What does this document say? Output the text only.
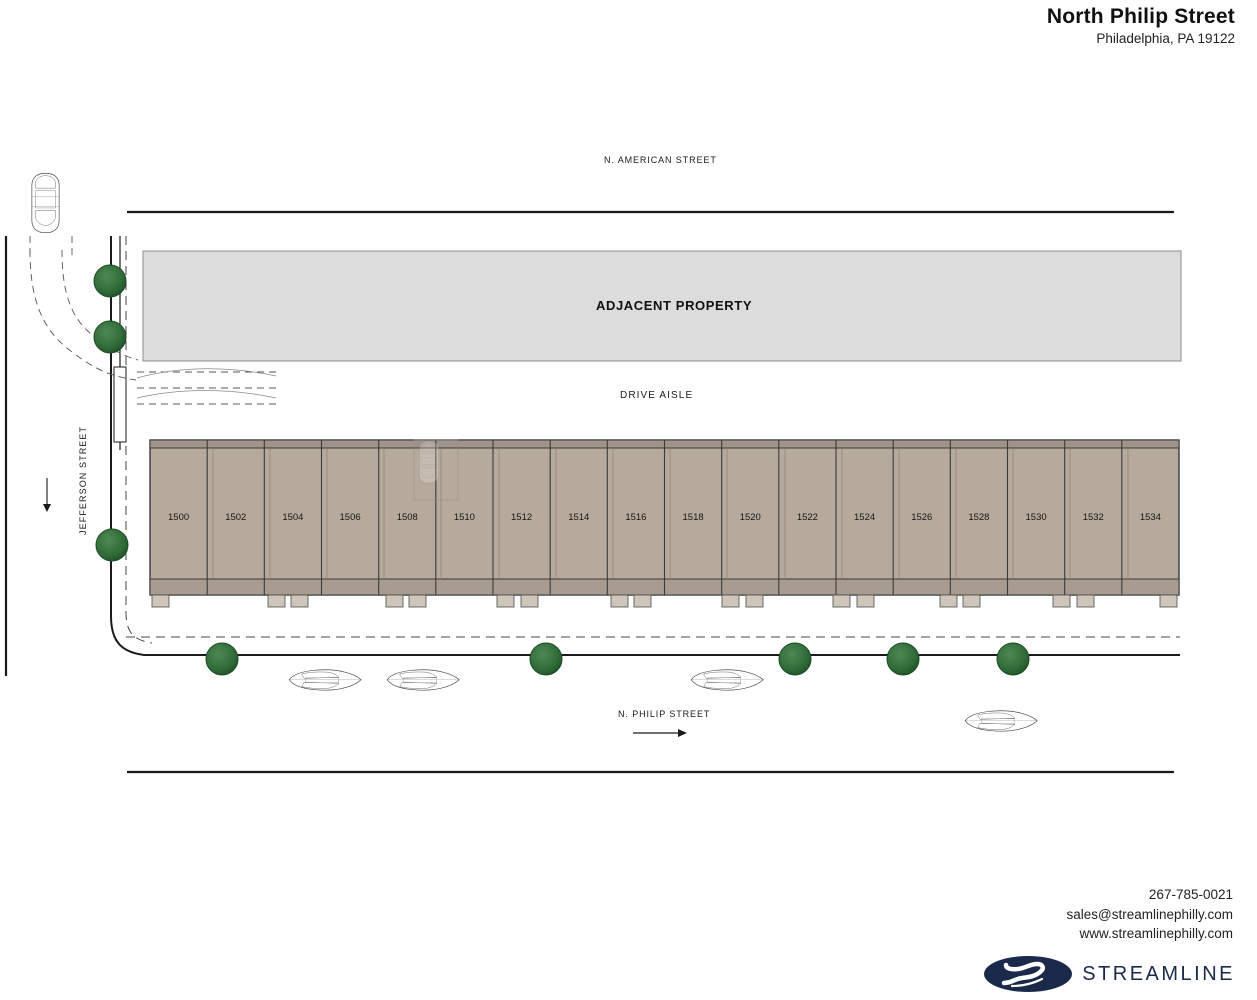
North Philip Street
Philadelphia, PA 19122
N. AMERICAN STREET
ADJACENT PROPERTY
DRIVE AISLE
JEFFERSON STREET
N. PHILIP STREET
1500	1502	1504	1506	1508	1510	1512	1514	1516	1518	1520	1522	1524	1526	1528	1530	1532	1534
267-785-0021
sales@streamlinephilly.com
www.streamlinephilly.com
STREAMLINE
